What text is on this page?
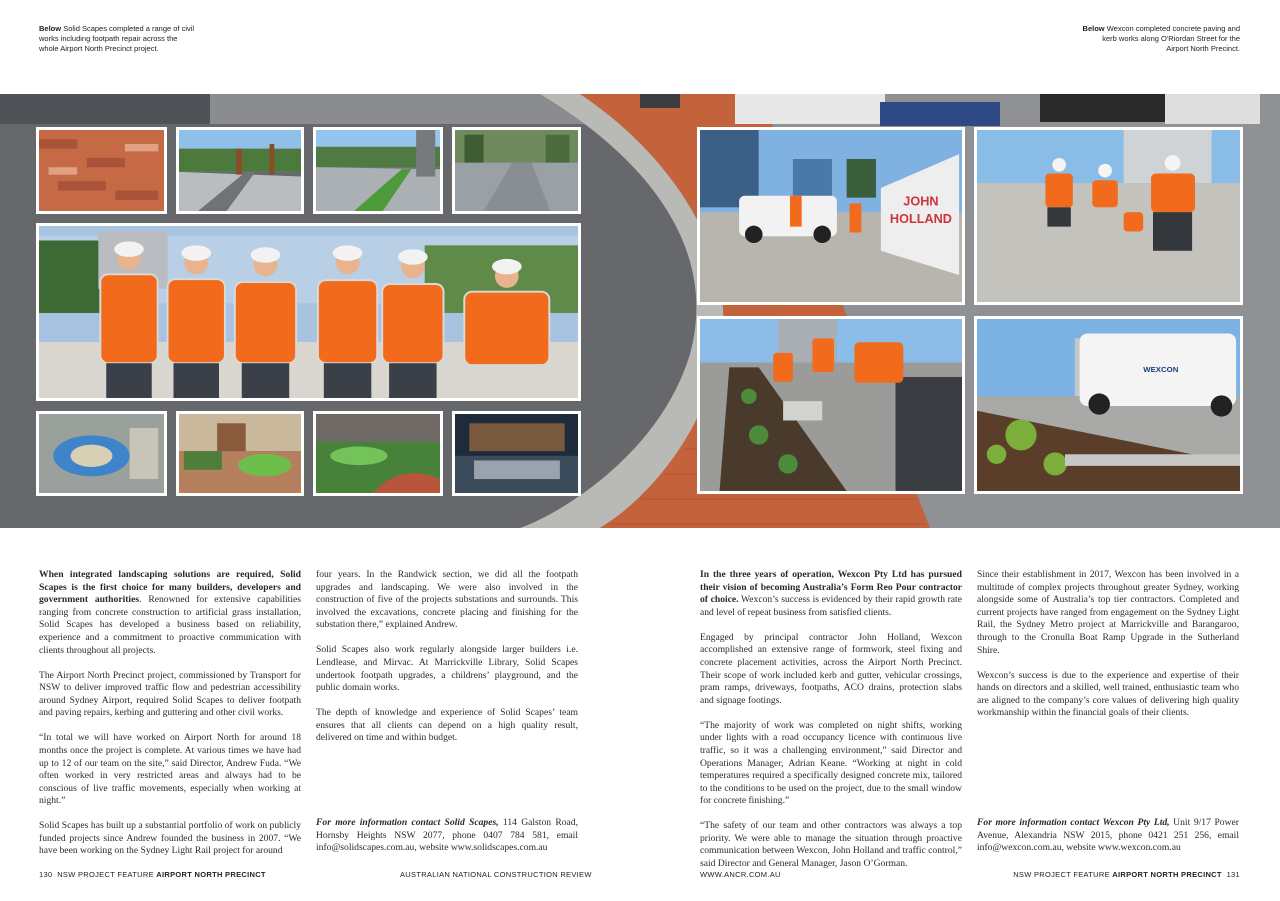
Below Solid Scapes completed a range of civil works including footpath repair across the whole Airport North Precinct project.
Below Wexcon completed concrete paving and kerb works along O'Riordan Street for the Airport North Precinct.
JOHN
HOLLAND
WEXCON

When integrated landscaping solutions are required, Solid Scapes is the first choice for many builders, developers and government authorities. Renowned for extensive capabilities ranging from concrete construction to artificial grass installation, Solid Scapes has developed a business based on reliability, experience and a commitment to proactive communication with clients throughout all projects.

The Airport North Precinct project, commissioned by Transport for NSW to deliver improved traffic flow and pedestrian accessibility around Sydney Airport, required Solid Scapes to deliver footpath and paving repairs, kerbing and guttering and other civil works.

“In total we will have worked on Airport North for around 18 months once the project is complete. At various times we have had up to 12 of our team on the site,” said Director, Andrew Fuda. “We often worked in very restricted areas and always had to be conscious of live traffic movements, especially when working at night.”

Solid Scapes has built up a substantial portfolio of work on publicly funded projects since Andrew founded the business in 2007. “We have been working on the Sydney Light Rail project for around

four years. In the Randwick section, we did all the footpath upgrades and landscaping. We were also involved in the construction of five of the projects substations and surrounds. This involved the excavations, concrete placing and finishing for the substation there,” explained Andrew.

Solid Scapes also work regularly alongside larger builders i.e. Lendlease, and Mirvac. At Marrickville Library, Solid Scapes undertook footpath upgrades, a childrens’ playground, and the public domain works.

The depth of knowledge and experience of Solid Scapes’ team ensures that all clients can depend on a high quality result, delivered on time and within budget.

For more information contact Solid Scapes, 114 Galston Road, Hornsby Heights NSW 2077, phone 0407 784 581, email info@solidscapes.com.au, website www.solidscapes.com.au

In the three years of operation, Wexcon Pty Ltd has pursued their vision of becoming Australia’s Form Reo Pour contractor of choice. Wexcon’s success is evidenced by their rapid growth rate and level of repeat business from satisfied clients.

Engaged by principal contractor John Holland, Wexcon accomplished an extensive range of formwork, steel fixing and concrete placement activities, across the Airport North Precinct. Their scope of work included kerb and gutter, vehicular crossings, pram ramps, driveways, footpaths, ACO drains, protection slabs and signage footings.

“The majority of work was completed on night shifts, working under lights with a road occupancy licence with continuous live traffic, so it was a challenging environment,” said Director and Operations Manager, Adrian Keane. “Working at night in cold temperatures required a specifically designed concrete mix, tailored to the conditions to be used on the project, due to the small window for concrete finishing.”

“The safety of our team and other contractors was always a top priority. We were able to manage the situation through proactive communication between Wexcon, John Holland and traffic control,” said Director and General Manager, Jason O’Gorman.

Since their establishment in 2017, Wexcon has been involved in a multitude of complex projects throughout greater Sydney, working alongside some of Australia’s top tier contractors. Completed and current projects have ranged from engagement on the Sydney Light Rail, the Sydney Metro project at Marrickville and Barangaroo, through to the Cronulla Boat Ramp Upgrade in the Sutherland Shire.

Wexcon’s success is due to the experience and expertise of their hands on directors and a skilled, well trained, enthusiastic team who are aligned to the company’s core values of delivering high quality workmanship within the financial goals of their clients.

For more information contact Wexcon Pty Ltd, Unit 9/17 Power Avenue, Alexandria NSW 2015, phone 0421 251 256, email info@wexcon.com.au, website www.wexcon.com.au
130 NSW PROJECT FEATURE AIRPORT NORTH PRECINCT	AUSTRALIAN NATIONAL CONSTRUCTION REVIEW	WWW.ANCR.COM.AU	NSW PROJECT FEATURE AIRPORT NORTH PRECINCT 131
